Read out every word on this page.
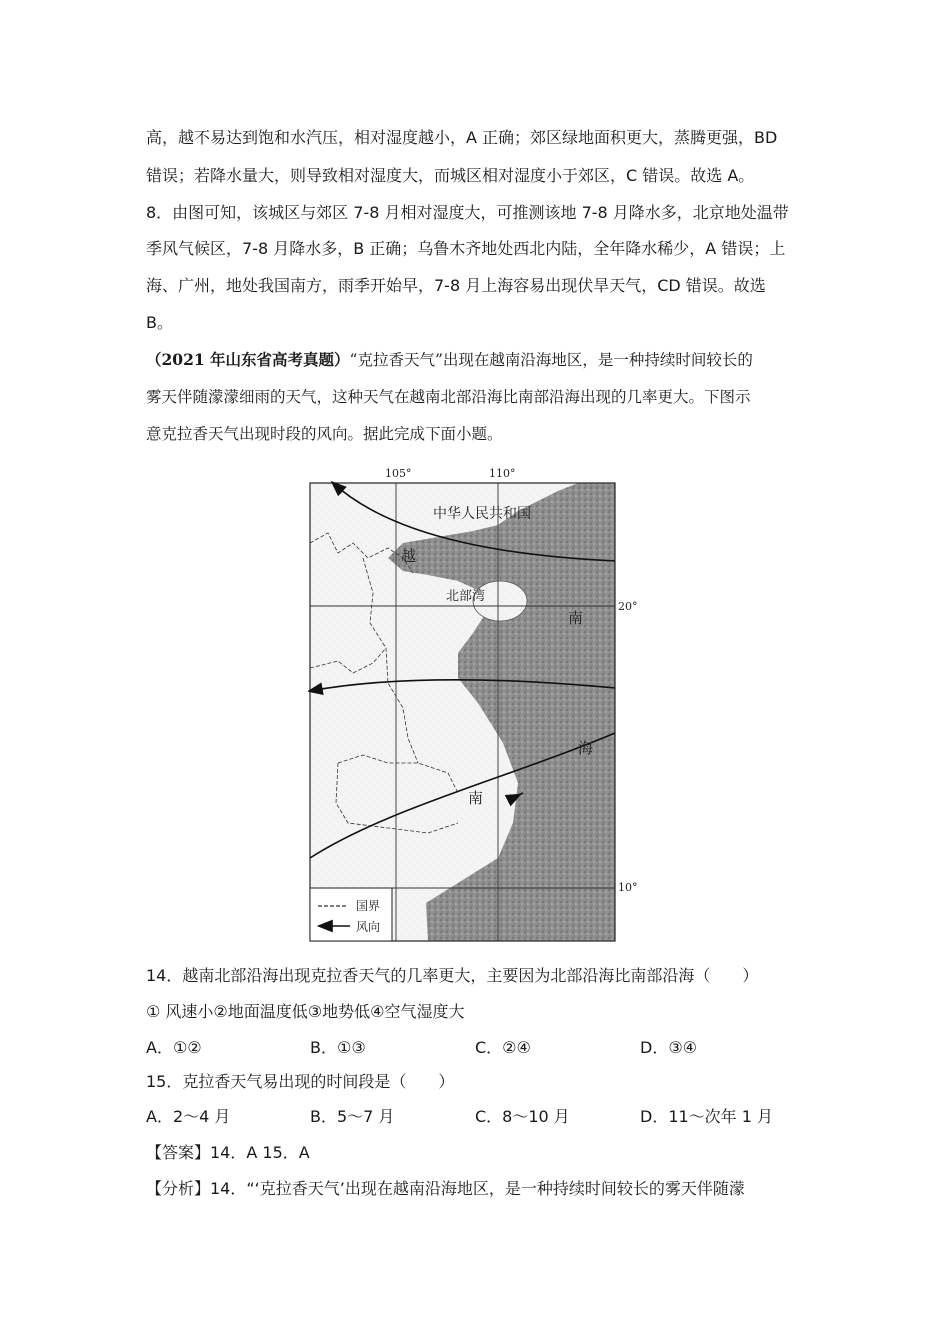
高，越不易达到饱和水汽压，相对湿度越小，A 正确；郊区绿地面积更大，蒸腾更强，BD
错误；若降水量大，则导致相对湿度大，而城区相对湿度小于郊区，C 错误。故选 A。
8．由图可知，该城区与郊区 7-8 月相对湿度大，可推测该地 7-8 月降水多，北京地处温带
季风气候区，7-8 月降水多，B 正确；乌鲁木齐地处西北内陆，全年降水稀少，A 错误；上
海、广州，地处我国南方，雨季开始早，7-8 月上海容易出现伏旱天气，CD 错误。故选
B。
（2021 年山东省高考真题）“克拉香天气”出现在越南沿海地区，是一种持续时间较长的
雾天伴随濛濛细雨的天气，这种天气在越南北部沿海比南部沿海出现的几率更大。下图示
意克拉香天气出现时段的风向。据此完成下面小题。
105°	110°
20°
10°
中华人民共和国
越
南
北部湾
南
海
国界
风向
14．越南北部沿海出现克拉香天气的几率更大，主要因为北部沿海比南部沿海（　　）
① 风速小②地面温度低③地势低④空气湿度大
A．①②	B．①③	C．②④	D．③④
15．克拉香天气易出现的时间段是（　　）
A．2～4 月	B．5～7 月	C．8～10 月	D．11～次年 1 月
【答案】14．A 15．A
【分析】14．“‘克拉香天气’出现在越南沿海地区，是一种持续时间较长的雾天伴随濛
